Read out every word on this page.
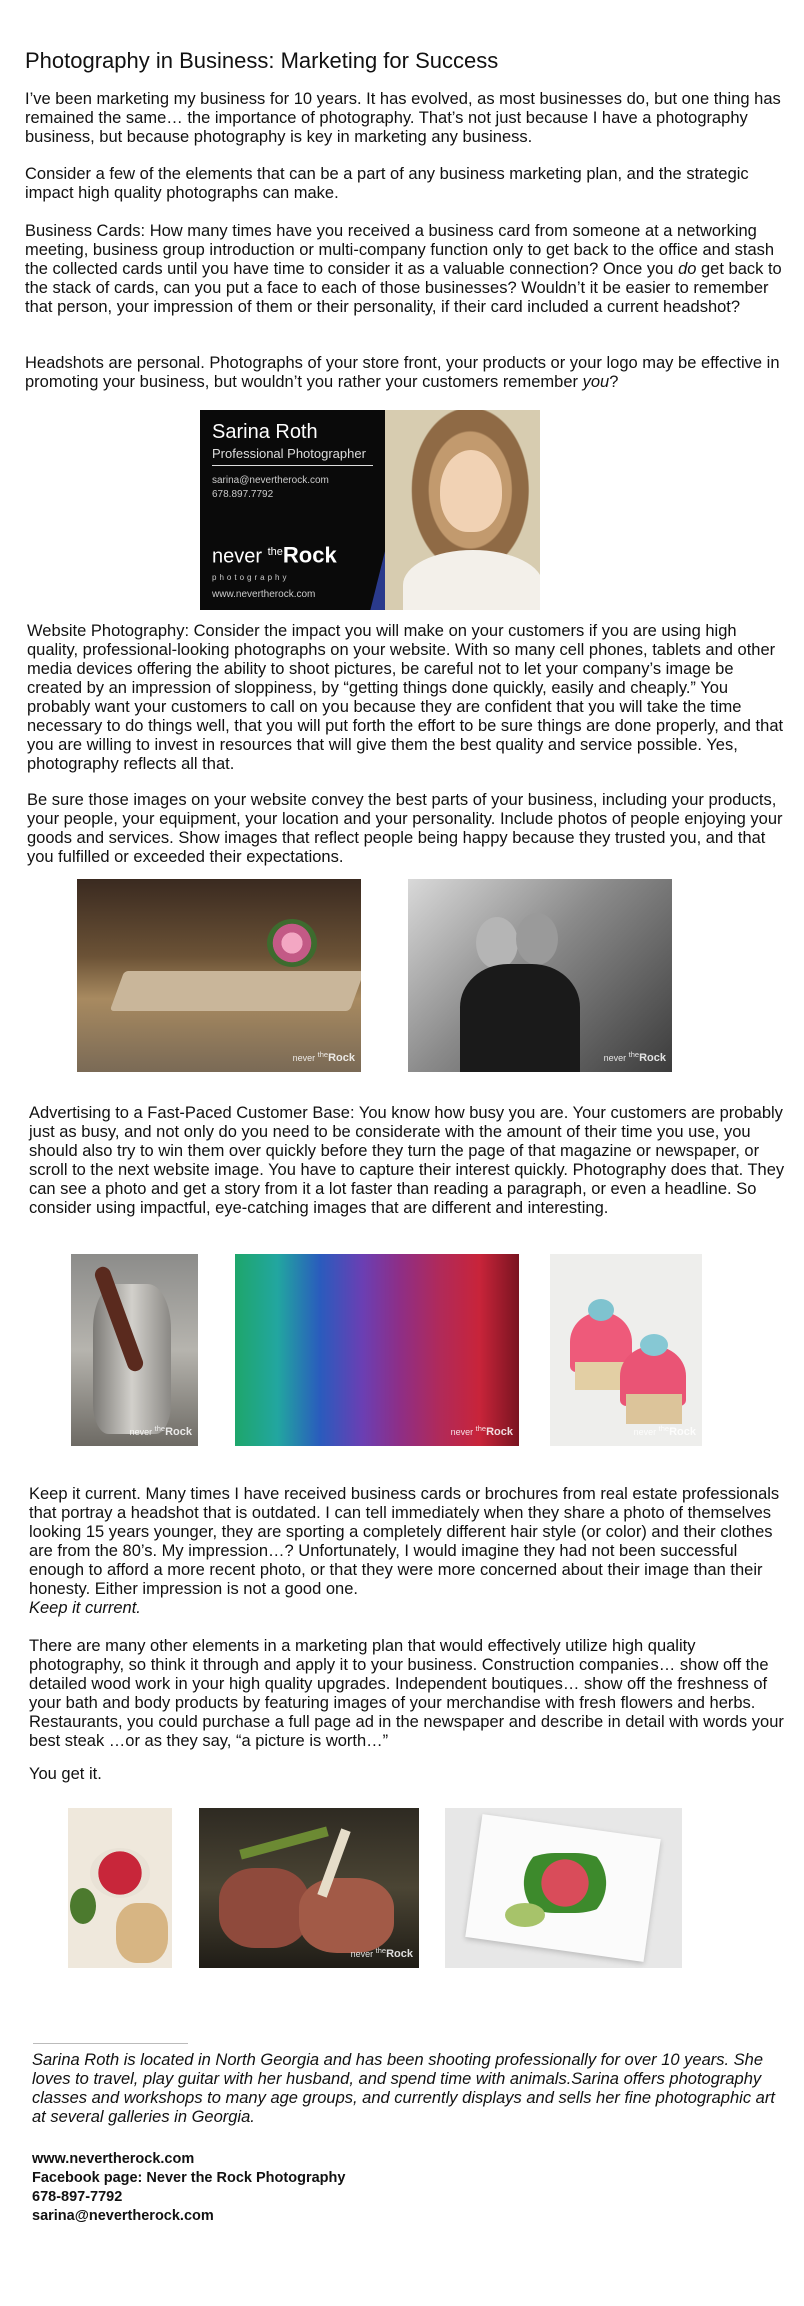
Photography in Business: Marketing for Success

I’ve been marketing my business for 10 years. It has evolved, as most businesses do, but one thing has remained the same… the importance of photography. That’s not just because I have a photography business, but because photography is key in marketing any business.

Consider a few of the elements that can be a part of any business marketing plan, and the strategic impact high quality photographs can make.

Business Cards: How many times have you received a business card from someone at a networking meeting, business group introduction or multi-company function only to get back to the office and stash the collected cards until you have time to consider it as a valuable connection? Once you do get back to the stack of cards, can you put a face to each of those businesses? Wouldn’t it be easier to remember that person, your impression of them or their personality, if their card included a current headshot?

Headshots are personal. Photographs of your store front, your products or your logo may be effective in promoting your business, but wouldn’t you rather your customers remember you?

Sarina Roth
Professional Photographer
sarina@nevertherock.com
678.897.7792
never $^{the}$Rock
photography
www.nevertherock.com

Website Photography: Consider the impact you will make on your customers if you are using high quality, professional-looking photographs on your website. With so many cell phones, tablets and other media devices offering the ability to shoot pictures, be careful not to let your company’s image be created by an impression of sloppiness, by “getting things done quickly, easily and cheaply.” You probably want your customers to call on you because they are confident that you will take the time necessary to do things well, that you will put forth the effort to be sure things are done properly, and that you are willing to invest in resources that will give them the best quality and service possible. Yes, photography reflects all that.

Be sure those images on your website convey the best parts of your business, including your products, your people, your equipment, your location and your personality. Include photos of people enjoying your goods and services. Show images that reflect people being happy because they trusted you, and that you fulfilled or exceeded their expectations.

never $^{the}$Rock	never $^{the}$Rock

Advertising to a Fast-Paced Customer Base: You know how busy you are. Your customers are probably just as busy, and not only do you need to be considerate with the amount of their time you use, you should also try to win them over quickly before they turn the page of that magazine or newspaper, or scroll to the next website image. You have to capture their interest quickly. Photography does that. They can see a photo and get a story from it a lot faster than reading a paragraph, or even a headline. So consider using impactful, eye-catching images that are different and interesting.

never $^{the}$Rock	never $^{the}$Rock	never $^{the}$Rock

Keep it current. Many times I have received business cards or brochures from real estate professionals that portray a headshot that is outdated. I can tell immediately when they share a photo of themselves looking 15 years younger, they are sporting a completely different hair style (or color) and their clothes are from the 80’s. My impression…? Unfortunately, I would imagine they had not been successful enough to afford a more recent photo, or that they were more concerned about their image than their honesty. Either impression is not a good one.
Keep it current.

There are many other elements in a marketing plan that would effectively utilize high quality photography, so think it through and apply it to your business. Construction companies… show off the detailed wood work in your high quality upgrades. Independent boutiques… show off the freshness of your bath and body products by featuring images of your merchandise with fresh flowers and herbs. Restaurants, you could purchase a full page ad in the newspaper and describe in detail with words your best steak …or as they say, “a picture is worth…”

You get it.

never $^{the}$Rock

Sarina Roth is located in North Georgia and has been shooting professionally for over 10 years. She loves to travel, play guitar with her husband, and spend time with animals.Sarina offers photography classes and workshops to many age groups, and currently displays and sells her fine photographic art at several galleries in Georgia.

www.nevertherock.com
Facebook page: Never the Rock Photography
678-897-7792
sarina@nevertherock.com
